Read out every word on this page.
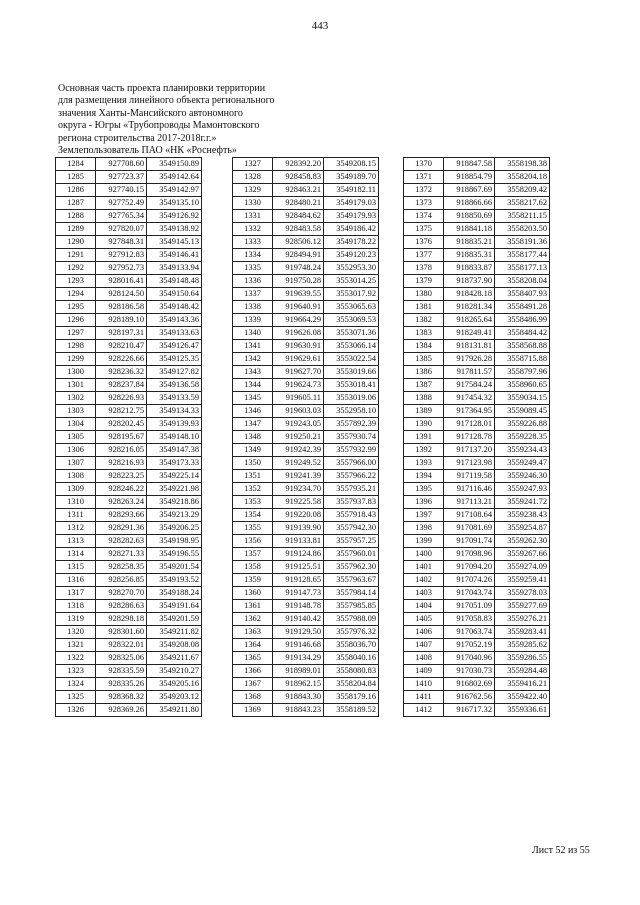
443
Основная часть проекта планировки территории
для размещения линейного объекта регионального
значения Ханты-Мансийского автономного
округа - Югры «Трубопроводы Мамонтовского
региона строительства 2017-2018г.г.»
Землепользователь ПАО «НК «Роснефть»
1284	927708.60	3549150.89
1285	927723.37	3549142.64
1286	927740.15	3549142.97
1287	927752.49	3549135.10
1288	927765.34	3549126.92
1289	927820.07	3549138.92
1290	927848.31	3549145.13
1291	927912.83	3549146.41
1292	927952.73	3549133.94
1293	928016.41	3549148.48
1294	928124.50	3549150.64
1295	928186.58	3549148.42
1296	928189.10	3549143.36
1297	928197.31	3549133.63
1298	928210.47	3549126.47
1299	928226.66	3549125.35
1300	928236.32	3549127.82
1301	928237.84	3549136.58
1302	928226.93	3549133.59
1303	928212.75	3549134.33
1304	928202.45	3549139.93
1305	928195.67	3549148.10
1306	928216.05	3549147.38
1307	928216.93	3549173.33
1308	928223.25	3549225.14
1309	928246.22	3549221.98
1310	928263.24	3549218.86
1311	928293.66	3549213.29
1312	928291.36	3549206.25
1313	928282.63	3549198.95
1314	928271.33	3549196.55
1315	928258.35	3549201.54
1316	928256.85	3549193.52
1317	928270.70	3549188.24
1318	928286.63	3549191.64
1319	928298.18	3549201.59
1320	928301.60	3549211.82
1321	928322.01	3549208.08
1322	928325.06	3549211.67
1323	928335.59	3549210.27
1324	928335.26	3549205.16
1325	928368.32	3549203.12
1326	928369.26	3549211.80
1327	928392.20	3549208.15
1328	928458.83	3549189.70
1329	928463.21	3549182.11
1330	928480.21	3549179.03
1331	928484.62	3549179.93
1332	928483.58	3549186.42
1333	928506.12	3549178.22
1334	928494.91	3549120.23
1335	919748.24	3552953.30
1336	919750.28	3553014.25
1337	919639.55	3553017.92
1338	919640.91	3553065.63
1339	919664.29	3553069.53
1340	919626.08	3553071.36
1341	919630.91	3553066.14
1342	919629.61	3553022.54
1343	919627.70	3553019.66
1344	919624.73	3553018.41
1345	919605.11	3553019.06
1346	919603.03	3552958.10
1347	919243.05	3557892.39
1348	919250.21	3557930.74
1349	919242.39	3557932.99
1350	919249.52	3557966.00
1351	919241.39	3557966.22
1352	919234.70	3557935.21
1353	919225.58	3557937.83
1354	919220.08	3557918.43
1355	919139.90	3557942.30
1356	919133.81	3557957.25
1357	919124.86	3557960.01
1358	919125.51	3557962.30
1359	919128.65	3557963.67
1360	919147.73	3557984.14
1361	919148.78	3557985.85
1362	919140.42	3557988.09
1363	919129.50	3557976.32
1364	919146.68	3558036.70
1365	919134.29	3558040.16
1366	918989.01	3558080.83
1367	918962.15	3558204.84
1368	918843.30	3558179.16
1369	918843.23	3558189.52
1370	918847.58	3558198.38
1371	918854.79	3558204.18
1372	918867.69	3558209.42
1373	918866.66	3558217.62
1374	918850.69	3558211.15
1375	918841.18	3558203.50
1376	918835.21	3558191.36
1377	918835.31	3558177.44
1378	918833.87	3558177.13
1379	918737.90	3558208.04
1380	918428.18	3558407.93
1381	918281.34	3558491.28
1382	918265.64	3558486.99
1383	918249.41	3558484.42
1384	918131.81	3558568.88
1385	917926.28	3558715.88
1386	917811.57	3558797.96
1387	917584.24	3558960.65
1388	917454.32	3559034.15
1389	917364.95	3559089.45
1390	917128.01	3559226.88
1391	917128.78	3559228.35
1392	917137.20	3559234.43
1393	917123.98	3559249.47
1394	917119.58	3559246.30
1395	917116.46	3559247.93
1396	917113.21	3559241.72
1397	917108.64	3559238.43
1398	917081.69	3559254.87
1399	917091.74	3559262.30
1400	917098.96	3559267.66
1401	917094.20	3559274.09
1402	917074.26	3559259.41
1403	917043.74	3559278.03
1404	917051.09	3559277.69
1405	917058.83	3559276.21
1406	917063.74	3559283.41
1407	917052.19	3559285.62
1408	917040.96	3559286.55
1409	917030.73	3559284.48
1410	916802.69	3559416.21
1411	916762.56	3559422.40
1412	916717.32	3559336.61
Лист 52 из 55
